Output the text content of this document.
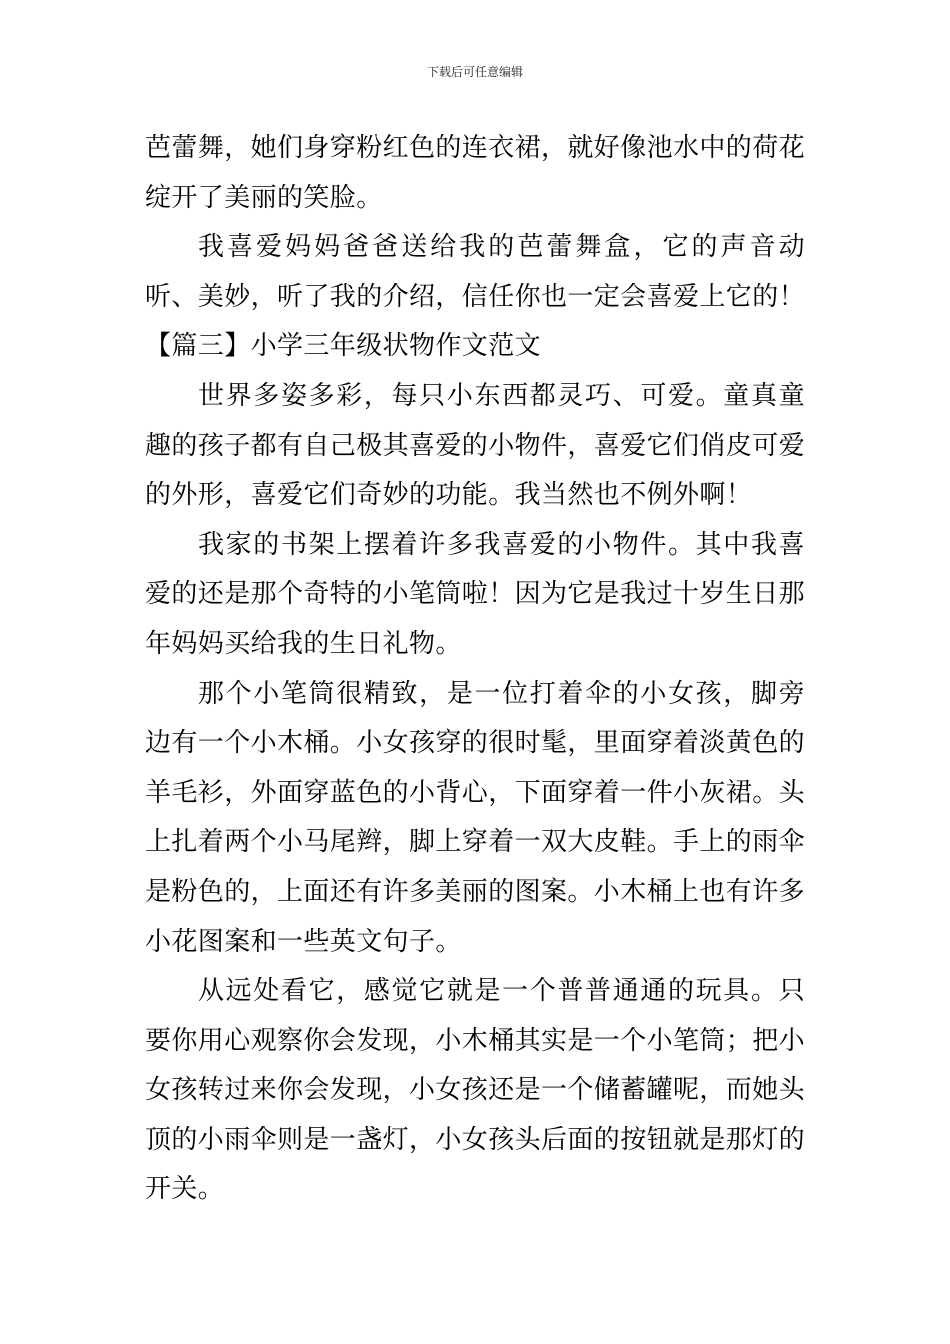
下载后可任意编辑

芭蕾舞，她们身穿粉红色的连衣裙，就好像池水中的荷花绽开了美丽的笑脸。

我喜爱妈妈爸爸送给我的芭蕾舞盒，它的声音动听、美妙，听了我的介绍，信任你也一定会喜爱上它的！【篇三】小学三年级状物作文范文

世界多姿多彩，每只小东西都灵巧、可爱。童真童趣的孩子都有自己极其喜爱的小物件，喜爱它们俏皮可爱的外形，喜爱它们奇妙的功能。我当然也不例外啊！

我家的书架上摆着许多我喜爱的小物件。其中我喜爱的还是那个奇特的小笔筒啦！因为它是我过十岁生日那年妈妈买给我的生日礼物。

那个小笔筒很精致，是一位打着伞的小女孩，脚旁边有一个小木桶。小女孩穿的很时髦，里面穿着淡黄色的羊毛衫，外面穿蓝色的小背心，下面穿着一件小灰裙。头上扎着两个小马尾辫，脚上穿着一双大皮鞋。手上的雨伞是粉色的，上面还有许多美丽的图案。小木桶上也有许多小花图案和一些英文句子。

从远处看它，感觉它就是一个普普通通的玩具。只要你用心观察你会发现，小木桶其实是一个小笔筒；把小女孩转过来你会发现，小女孩还是一个储蓄罐呢，而她头顶的小雨伞则是一盏灯，小女孩头后面的按钮就是那灯的开关。
